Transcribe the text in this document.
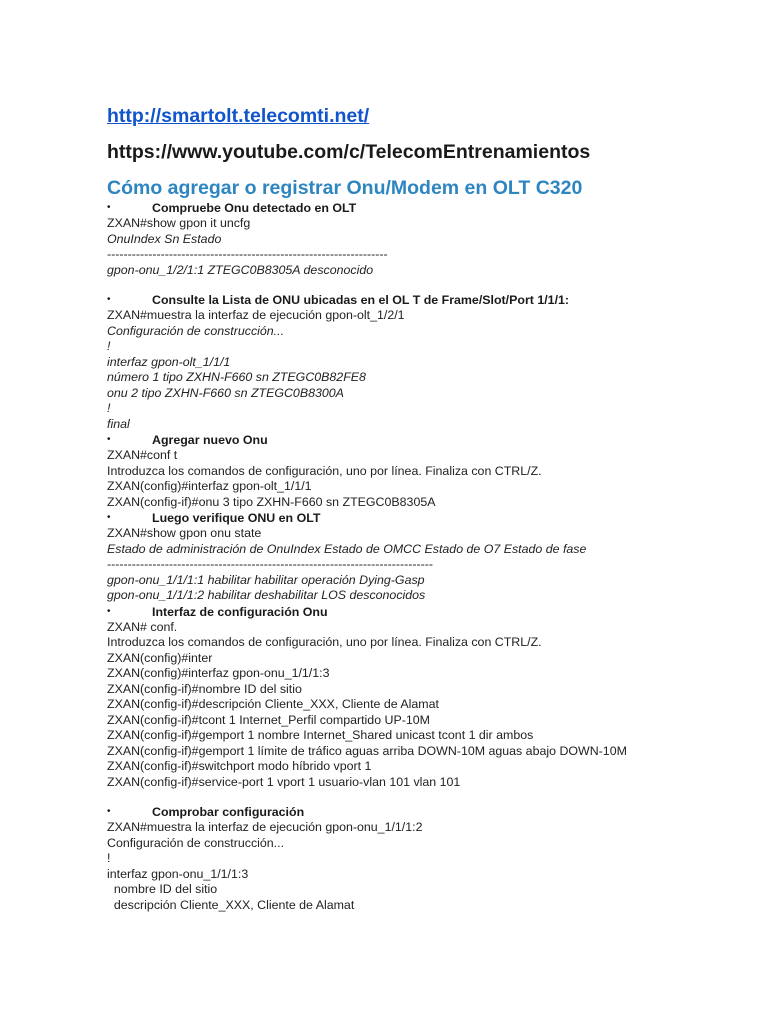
http://smartolt.telecomti.net/
https://www.youtube.com/c/TelecomEntrenamientos
Cómo agregar o registrar Onu/Modem en OLT C320
•	Compruebe Onu detectado en OLT
ZXAN#show gpon it uncfg
OnuIndex Sn Estado
--------------------------------------------------------------------
gpon-onu_1/2/1:1 ZTEGC0B8305A desconocido
•	Consulte la Lista de ONU ubicadas en el OL T de Frame/Slot/Port 1/1/1:
ZXAN#muestra la interfaz de ejecución gpon-olt_1/2/1
Configuración de construcción...
!
interfaz gpon-olt_1/1/1
número 1 tipo ZXHN-F660 sn ZTEGC0B82FE8
onu 2 tipo ZXHN-F660 sn ZTEGC0B8300A
!
final
•	Agregar nuevo Onu
ZXAN#conf t
Introduzca los comandos de configuración, uno por línea. Finaliza con CTRL/Z.
ZXAN(config)#interfaz gpon-olt_1/1/1
ZXAN(config-if)#onu 3 tipo ZXHN-F660 sn ZTEGC0B8305A
•	Luego verifique ONU en OLT
ZXAN#show gpon onu state
Estado de administración de OnuIndex Estado de OMCC Estado de O7 Estado de fase
-------------------------------------------------------------------------------
gpon-onu_1/1/1:1 habilitar habilitar operación Dying-Gasp
gpon-onu_1/1/1:2 habilitar deshabilitar LOS desconocidos
•	Interfaz de configuración Onu
ZXAN# conf.
Introduzca los comandos de configuración, uno por línea. Finaliza con CTRL/Z.
ZXAN(config)#inter
ZXAN(config)#interfaz gpon-onu_1/1/1:3
ZXAN(config-if)#nombre ID del sitio
ZXAN(config-if)#descripción Cliente_XXX, Cliente de Alamat
ZXAN(config-if)#tcont 1 Internet_Perfil compartido UP-10M
ZXAN(config-if)#gemport 1 nombre Internet_Shared unicast tcont 1 dir ambos
ZXAN(config-if)#gemport 1 límite de tráfico aguas arriba DOWN-10M aguas abajo DOWN-10M
ZXAN(config-if)#switchport modo híbrido vport 1
ZXAN(config-if)#service-port 1 vport 1 usuario-vlan 101 vlan 101
•	Comprobar configuración
ZXAN#muestra la interfaz de ejecución gpon-onu_1/1/1:2
Configuración de construcción...
!
interfaz gpon-onu_1/1/1:3
nombre ID del sitio
descripción Cliente_XXX, Cliente de Alamat
